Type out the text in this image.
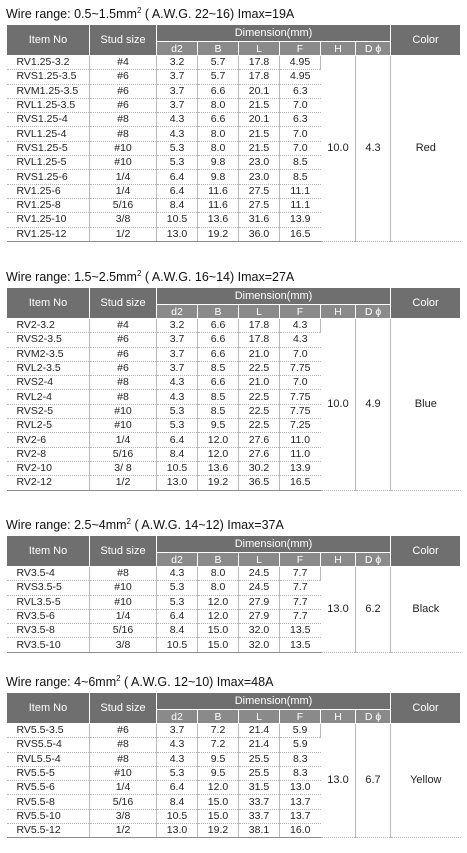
Wire range: $0.5\sim 1.5mm^2$ ( A.W.G. 22~16) Imax=19A
Item No	Stud size	Dimension(mm)						Color
		d2	B	L	F	H	D ϕ	
RV1.25-3.2	#4	3.2	5.7	17.8	4.95	10.0	4.3	Red
RVS1.25-3.5	#6	3.7	5.7	17.8	4.95			
RVM1.25-3.5	#6	3.7	6.6	20.1	6.3			
RVL1.25-3.5	#6	3.7	8.0	21.5	7.0			
RVS1.25-4	#8	4.3	6.6	20.1	6.3			
RVL1.25-4	#8	4.3	8.0	21.5	7.0			
RVS1.25-5	#10	5.3	8.0	21.5	7.0			
RVL1.25-5	#10	5.3	9.8	23.0	8.5			
RVS1.25-6	1/4	6.4	9.8	23.0	8.5			
RV1.25-6	1/4	6.4	11.6	27.5	11.1			
RV1.25-8	5/16	8.4	11.6	27.5	11.1			
RV1.25-10	3/8	10.5	13.6	31.6	13.9			
RV1.25-12	1/2	13.0	19.2	36.0	16.5			
Wire range: $1.5\sim 2.5mm^2$ ( A.W.G. 16~14) Imax=27A
Item No	Stud size	Dimension(mm)						Color
		d2	B	L	F	H	D ϕ	
RV2-3.2	#4	3.2	6.6	17.8	4.3	10.0	4.9	Blue
RVS2-3.5	#6	3.7	6.6	17.8	4.3			
RVM2-3.5	#6	3.7	6.6	21.0	7.0			
RVL2-3.5	#6	3.7	8.5	22.5	7.75			
RVS2-4	#8	4.3	6.6	21.0	7.0			
RVL2-4	#8	4.3	8.5	22.5	7.75			
RVS2-5	#10	5.3	8.5	22.5	7.75			
RVL2-5	#10	5.3	9.5	22.5	7.25			
RV2-6	1/4	6.4	12.0	27.6	11.0			
RV2-8	5/16	8.4	12.0	27.6	11.0			
RV2-10	3/ 8	10.5	13.6	30.2	13.9			
RV2-12	1/2	13.0	19.2	36.5	16.5			
Wire range: $2.5\sim 4mm^2$ ( A.W.G. 14~12) Imax=37A
Item No	Stud size	Dimension(mm)						Color
		d2	B	L	F	H	D ϕ	
RV3.5-4	#8	4.3	8.0	24.5	7.7	13.0	6.2	Black
RVS3.5-5	#10	5.3	8.0	24.5	7.7			
RVL3.5-5	#10	5.3	12.0	27.9	7.7			
RV3.5-6	1/4	6.4	12.0	27.9	7.7			
RV3.5-8	5/16	8.4	15.0	32.0	13.5			
RV3.5-10	3/8	10.5	15.0	32.0	13.5			
Wire range: $4\sim 6mm^2$ ( A.W.G. 12~10) Imax=48A
Item No	Stud size	Dimension(mm)						Color
		d2	B	L	F	H	D ϕ	
RV5.5-3.5	#6	3.7	7.2	21.4	5.9	13.0	6.7	Yellow
RVS5.5-4	#8	4.3	7.2	21.4	5.9			
RVL5.5-4	#8	4.3	9.5	25.5	8.3			
RV5.5-5	#10	5.3	9.5	25.5	8.3			
RV5.5-6	1/4	6.4	12.0	31.5	13.0			
RV5.5-8	5/16	8.4	15.0	33.7	13.7			
RV5.5-10	3/8	10.5	15.0	33.7	13.7			
RV5.5-12	1/2	13.0	19.2	38.1	16.0			
